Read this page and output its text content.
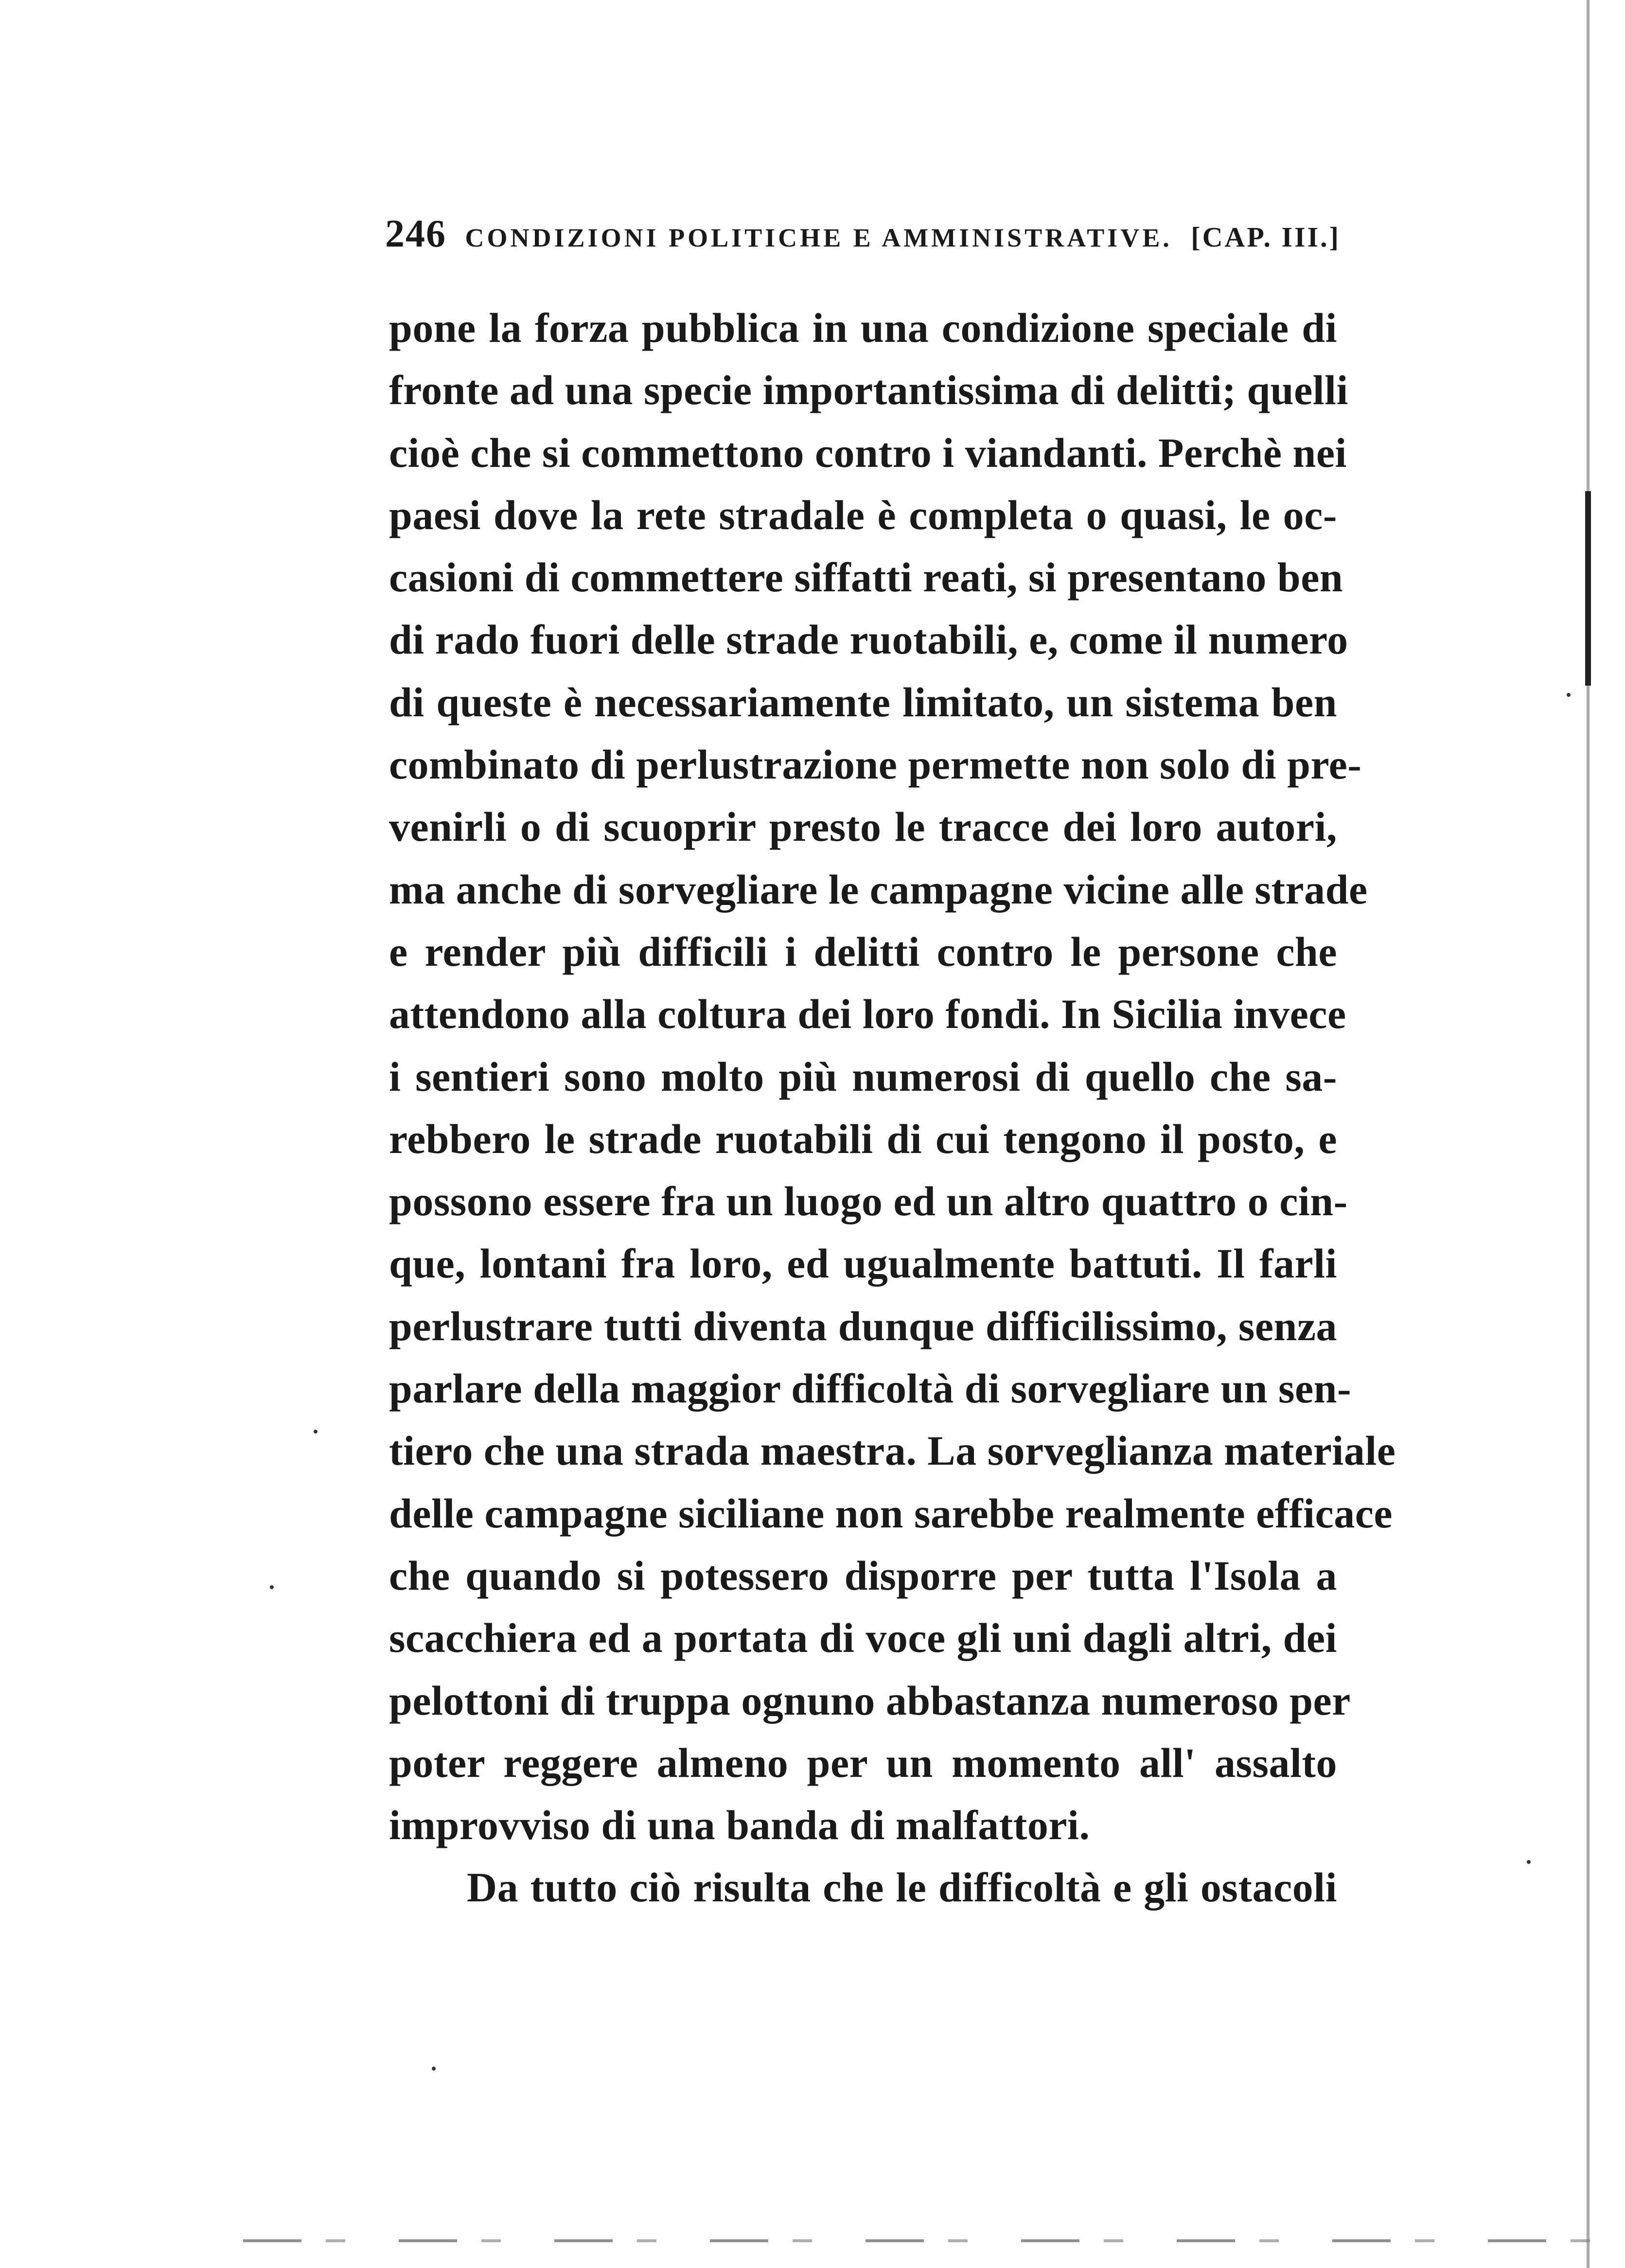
246 CONDIZIONI POLITICHE E AMMINISTRATIVE. [CAP. III.]
pone la forza pubblica in una condizione speciale di
fronte ad una specie importantissima di delitti; quelli
cioè che si commettono contro i viandanti. Perchè nei
paesi dove la rete stradale è completa o quasi, le oc-
casioni di commettere siffatti reati, si presentano ben
di rado fuori delle strade ruotabili, e, come il numero
di queste è necessariamente limitato, un sistema ben
combinato di perlustrazione permette non solo di pre-
venirli o di scuoprir presto le tracce dei loro autori,
ma anche di sorvegliare le campagne vicine alle strade
e render più difficili i delitti contro le persone che
attendono alla coltura dei loro fondi. In Sicilia invece
i sentieri sono molto più numerosi di quello che sa-
rebbero le strade ruotabili di cui tengono il posto, e
possono essere fra un luogo ed un altro quattro o cin-
que, lontani fra loro, ed ugualmente battuti. Il farli
perlustrare tutti diventa dunque difficilissimo, senza
parlare della maggior difficoltà di sorvegliare un sen-
tiero che una strada maestra. La sorveglianza materiale
delle campagne siciliane non sarebbe realmente efficace
che quando si potessero disporre per tutta l'Isola a
scacchiera ed a portata di voce gli uni dagli altri, dei
pelottoni di truppa ognuno abbastanza numeroso per
poter reggere almeno per un momento all' assalto
improvviso di una banda di malfattori.
Da tutto ciò risulta che le difficoltà e gli ostacoli
